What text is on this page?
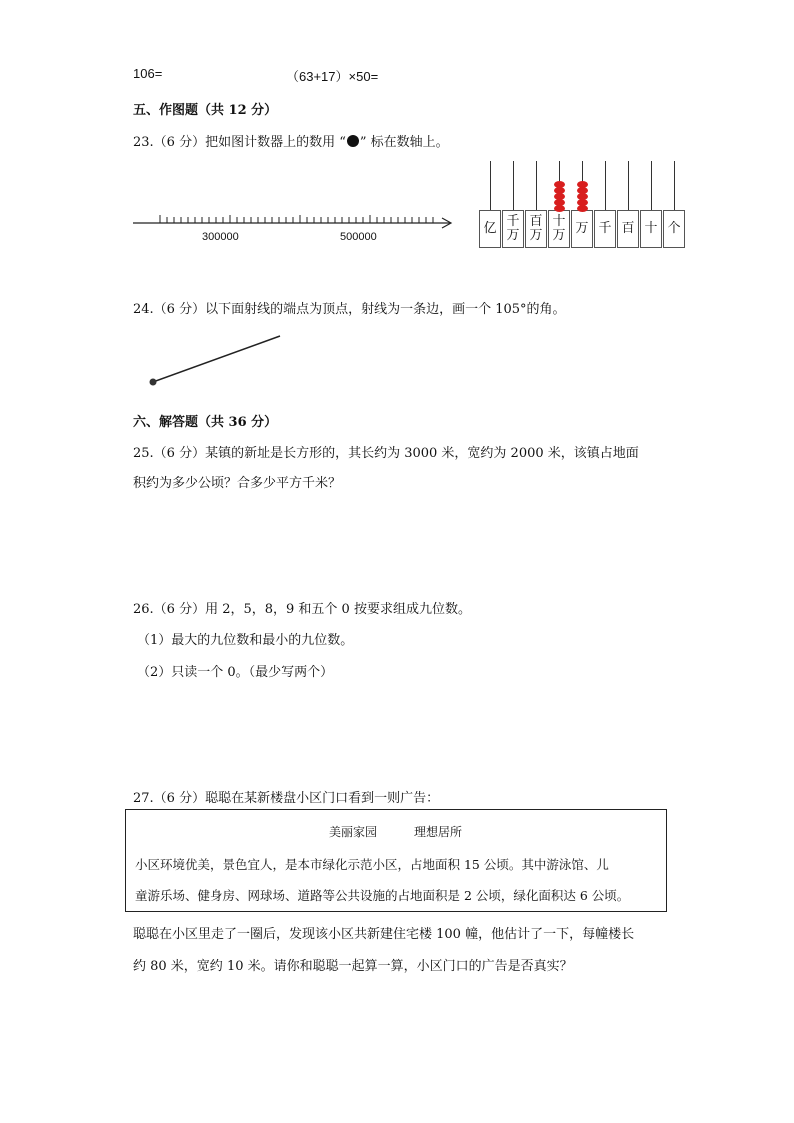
106=	（63+17）×50=
五、作图题（共 12 分）
23.（6 分）把如图计数器上的数用 “ ” 标在数轴上。
300000	500000
亿 千
万
百
万
十
万 万 千 百 十 个
24.（6 分）以下面射线的端点为顶点，射线为一条边，画一个 105°的角。
六、解答题（共 36 分）
25.（6 分）某镇的新址是长方形的，其长约为 3000 米，宽约为 2000 米，该镇占地面
积约为多少公顷？合多少平方千米？
26.（6 分）用 2，5，8，9 和五个 0 按要求组成九位数。
（1）最大的九位数和最小的九位数。
（2）只读一个 0。（最少写两个）
27.（6 分）聪聪在某新楼盘小区门口看到一则广告：
美丽家园	理想居所
小区环境优美，景色宜人，是本市绿化示范小区，占地面积 15 公顷。其中游泳馆、儿
童游乐场、健身房、网球场、道路等公共设施的占地面积是 2 公顷，绿化面积达 6 公顷。
聪聪在小区里走了一圈后，发现该小区共新建住宅楼 100 幢，他估计了一下，每幢楼长
约 80 米，宽约 10 米。请你和聪聪一起算一算，小区门口的广告是否真实？
